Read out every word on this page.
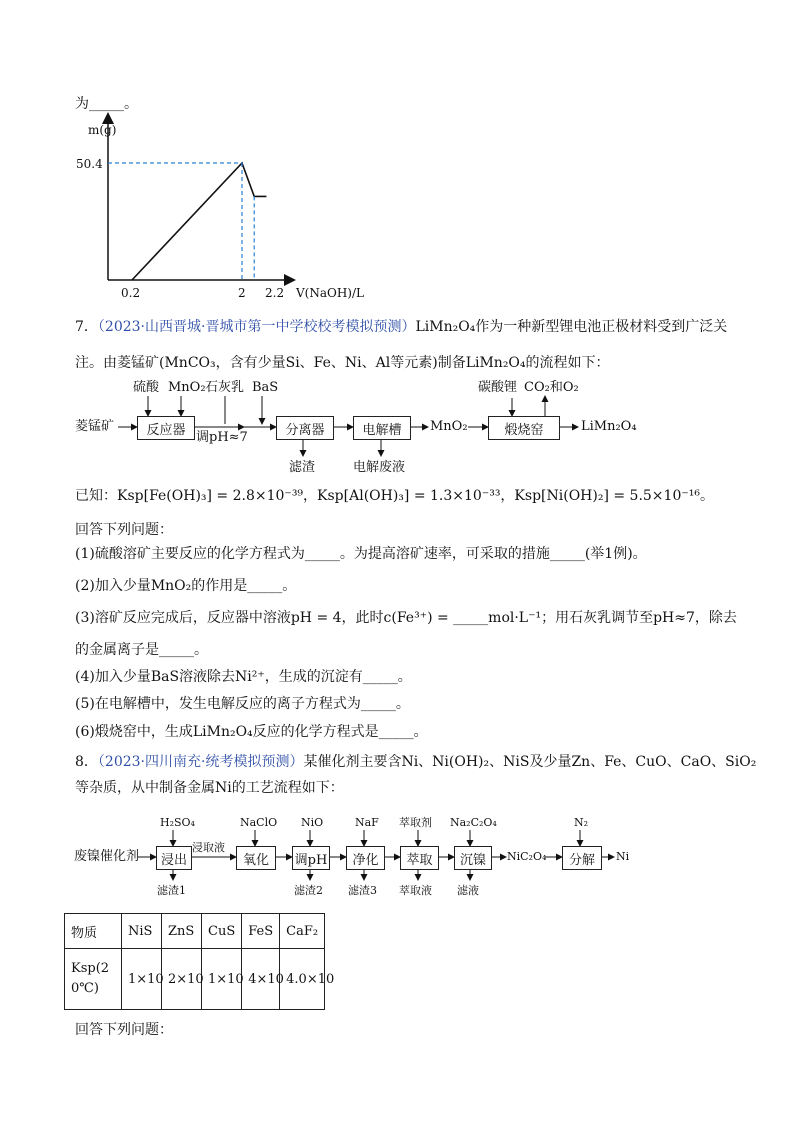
为_____。
m(g)
50.4
0.2	2 2.2 V(NaOH)/L
7．（2023·山西晋城·晋城市第一中学校校考模拟预测）LiMn₂O₄作为一种新型锂电池正极材料受到广泛关
注。由菱锰矿(MnCO₃，含有少量Si、Fe、Ni、Al等元素)制备LiMn₂O₄的流程如下：
菱锰矿
硫酸 MnO₂ 石灰乳 BaS
反应器 调pH≈7	分离器	电解槽
滤渣	电解废液
MnO₂	煅烧窑
碳酸锂 CO₂和O₂
LiMn₂O₄
已知：Ksp[Fe(OH)₃] = 2.8×10⁻³⁹，Ksp[Al(OH)₃] = 1.3×10⁻³³，Ksp[Ni(OH)₂] = 5.5×10⁻¹⁶。
回答下列问题：
(1)硫酸溶矿主要反应的化学方程式为_____。为提高溶矿速率，可采取的措施_____(举1例)。
(2)加入少量MnO₂的作用是_____。
(3)溶矿反应完成后，反应器中溶液pH = 4，此时c(Fe³⁺) = _____mol·L⁻¹；用石灰乳调节至pH≈7，除去
的金属离子是_____。
(4)加入少量BaS溶液除去Ni²⁺，生成的沉淀有_____。
(5)在电解槽中，发生电解反应的离子方程式为_____。
(6)煅烧窑中，生成LiMn₂O₄反应的化学方程式是_____。
8．（2023·四川南充·统考模拟预测）某催化剂主要含Ni、Ni(OH)₂、NiS及少量Zn、Fe、CuO、CaO、SiO₂
等杂质，从中制备金属Ni的工艺流程如下：
废镍催化剂
H₂SO₄	NaClO NiO	NaF 萃取剂 Na₂C₂O₄	N₂
浸出
浸取液
氧化	调pH	净化	萃取	沉镍	NiC₂O₄	分解	Ni
滤渣1	滤渣2 滤渣3 萃取液 滤液
物质	NiS	ZnS	CuS	FeS	CaF₂
Ksp(2
0℃)	1×10	2×10	1×10	4×10	4.0×10
回答下列问题：
